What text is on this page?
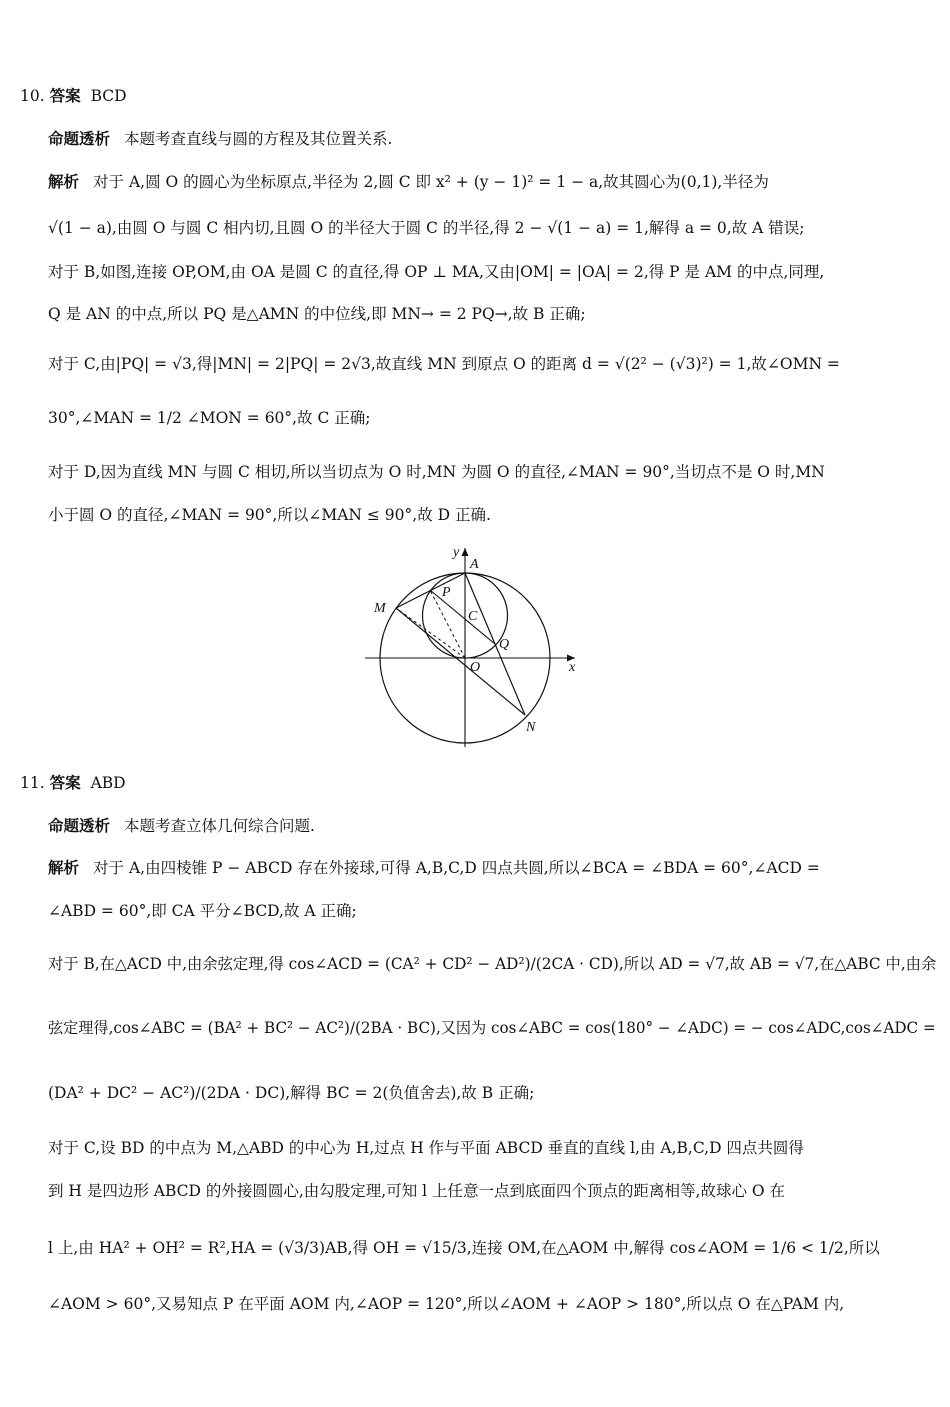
10. 答案 BCD
命题透析 本题考查直线与圆的方程及其位置关系.
解析 对于 A,圆 O 的圆心为坐标原点,半径为 2,圆 C 即 x² + (y − 1)² = 1 − a,故其圆心为(0,1),半径为
√(1 − a),由圆 O 与圆 C 相内切,且圆 O 的半径大于圆 C 的半径,得 2 − √(1 − a) = 1,解得 a = 0,故 A 错误;
对于 B,如图,连接 OP,OM,由 OA 是圆 C 的直径,得 OP ⊥ MA,又由|OM| = |OA| = 2,得 P 是 AM 的中点,同理,
Q 是 AN 的中点,所以 PQ 是△AMN 的中位线,即 MN→ = 2 PQ→,故 B 正确;
对于 C,由|PQ| = √3,得|MN| = 2|PQ| = 2√3,故直线 MN 到原点 O 的距离 d = √(2² − (√3)²) = 1,故∠OMN =
30°,∠MAN = 1/2 ∠MON = 60°,故 C 正确;
对于 D,因为直线 MN 与圆 C 相切,所以当切点为 O 时,MN 为圆 O 的直径,∠MAN = 90°,当切点不是 O 时,MN
小于圆 O 的直径,∠MAN = 90°,所以∠MAN ≤ 90°,故 D 正确.
y
A
P
M
C
Q
O	x
N
11. 答案 ABD
命题透析 本题考查立体几何综合问题.
解析 对于 A,由四棱锥 P − ABCD 存在外接球,可得 A,B,C,D 四点共圆,所以∠BCA = ∠BDA = 60°,∠ACD =
∠ABD = 60°,即 CA 平分∠BCD,故 A 正确;
对于 B,在△ACD 中,由余弦定理,得 cos∠ACD = (CA² + CD² − AD²)/(2CA · CD),所以 AD = √7,故 AB = √7,在△ABC 中,由余
弦定理得,cos∠ABC = (BA² + BC² − AC²)/(2BA · BC),又因为 cos∠ABC = cos(180° − ∠ADC) = − cos∠ADC,cos∠ADC =
(DA² + DC² − AC²)/(2DA · DC),解得 BC = 2(负值舍去),故 B 正确;
对于 C,设 BD 的中点为 M,△ABD 的中心为 H,过点 H 作与平面 ABCD 垂直的直线 l,由 A,B,C,D 四点共圆得
到 H 是四边形 ABCD 的外接圆圆心,由勾股定理,可知 l 上任意一点到底面四个顶点的距离相等,故球心 O 在
l 上,由 HA² + OH² = R²,HA = (√3/3)AB,得 OH = √15/3,连接 OM,在△AOM 中,解得 cos∠AOM = 1/6 < 1/2,所以
∠AOM > 60°,又易知点 P 在平面 AOM 内,∠AOP = 120°,所以∠AOM + ∠AOP > 180°,所以点 O 在△PAM 内,
